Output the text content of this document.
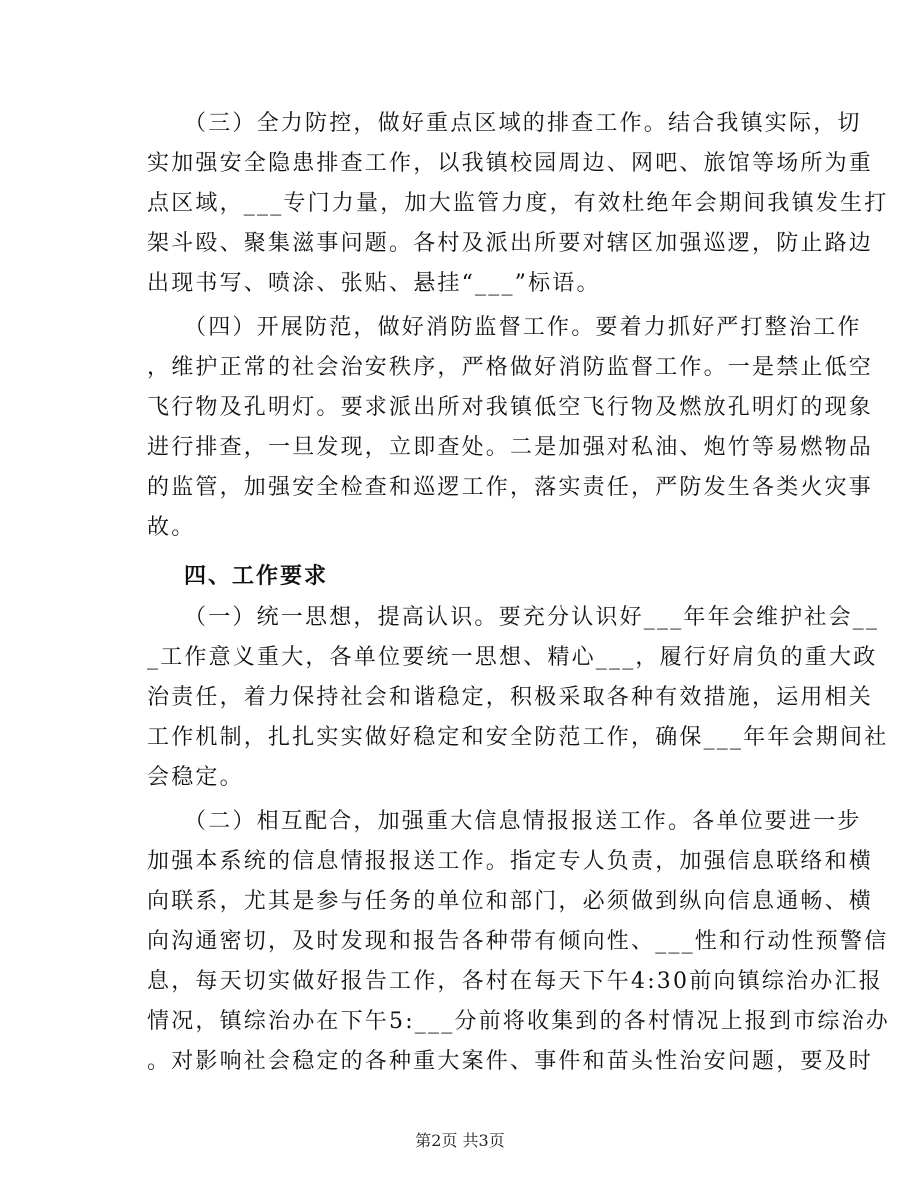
（三）全力防控，做好重点区域的排查工作。结合我镇实际，切
实加强安全隐患排查工作，以我镇校园周边、网吧、旅馆等场所为重
点区域，___专门力量，加大监管力度，有效杜绝年会期间我镇发生打
架斗殴、聚集滋事问题。各村及派出所要对辖区加强巡逻，防止路边
出现书写、喷涂、张贴、悬挂“___”标语。
（四）开展防范，做好消防监督工作。要着力抓好严打整治工作
，维护正常的社会治安秩序，严格做好消防监督工作。一是禁止低空
飞行物及孔明灯。要求派出所对我镇低空飞行物及燃放孔明灯的现象
进行排查，一旦发现，立即查处。二是加强对私油、炮竹等易燃物品
的监管，加强安全检查和巡逻工作，落实责任，严防发生各类火灾事
故。
四、工作要求
（一）统一思想，提高认识。要充分认识好___年年会维护社会__
_工作意义重大，各单位要统一思想、精心___，履行好肩负的重大政
治责任，着力保持社会和谐稳定，积极采取各种有效措施，运用相关
工作机制，扎扎实实做好稳定和安全防范工作，确保___年年会期间社
会稳定。
（二）相互配合，加强重大信息情报报送工作。各单位要进一步
加强本系统的信息情报报送工作。指定专人负责，加强信息联络和横
向联系，尤其是参与任务的单位和部门，必须做到纵向信息通畅、横
向沟通密切，及时发现和报告各种带有倾向性、___性和行动性预警信
息，每天切实做好报告工作，各村在每天下午4:30前向镇综治办汇报
情况，镇综治办在下午5:___分前将收集到的各村情况上报到市综治办
。对影响社会稳定的各种重大案件、事件和苗头性治安问题，要及时
第2页 共3页
